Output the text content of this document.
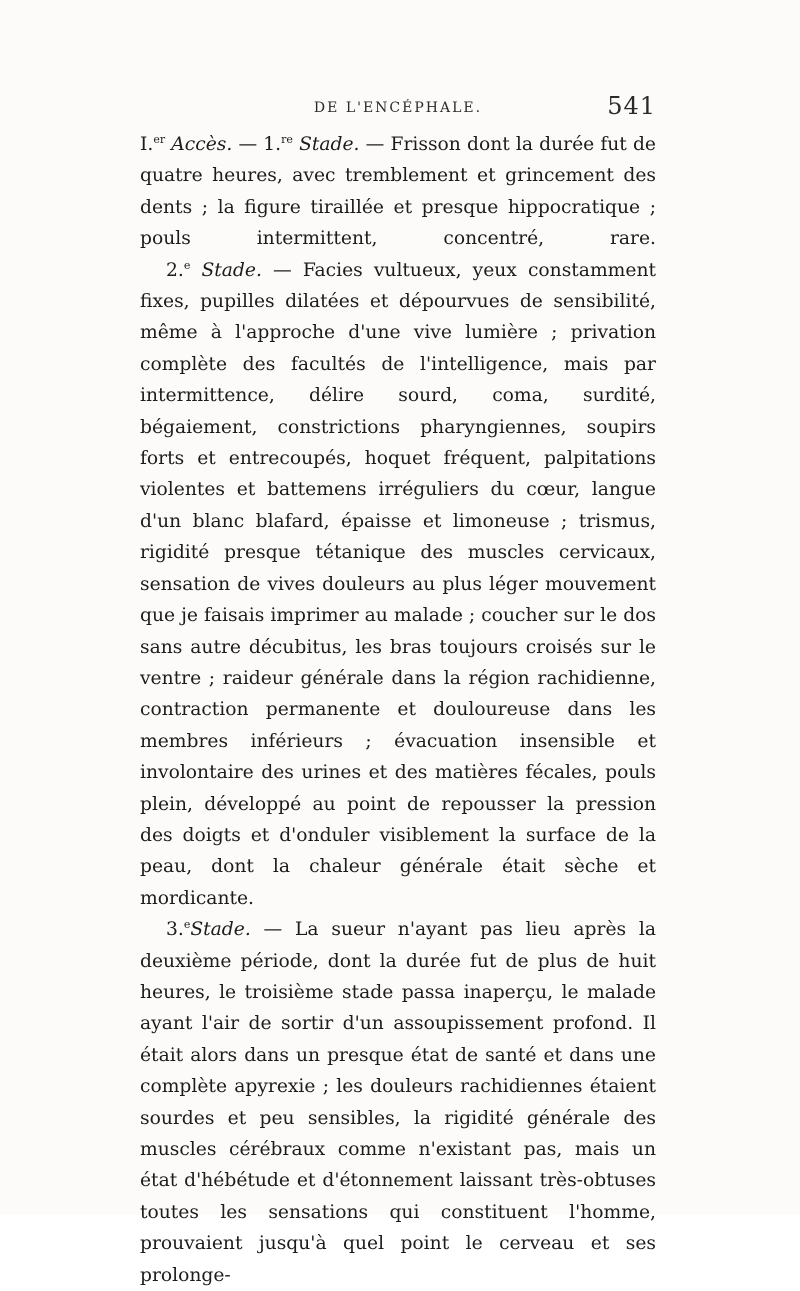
DE L'ENCÉPHALE.	541

I.$^{er}$ Accès. — 1.$^{re}$ Stade. — Frisson dont la durée fut de quatre heures, avec tremblement et grincement des dents ; la figure tiraillée et presque hippocratique ; pouls intermittent, concentré, rare.

2.$^e$ Stade. — Facies vultueux, yeux constamment fixes, pupilles dilatées et dépourvues de sensibilité, même à l'approche d'une vive lumière ; privation complète des facultés de l'intelligence, mais par intermittence, délire sourd, coma, surdité, bégaiement, constrictions pharyngiennes, soupirs forts et entrecoupés, hoquet fréquent, palpitations violentes et battemens irréguliers du cœur, langue d'un blanc blafard, épaisse et limoneuse ; trismus, rigidité presque tétanique des muscles cervicaux, sensation de vives douleurs au plus léger mouvement que je faisais imprimer au malade ; coucher sur le dos sans autre décubitus, les bras toujours croisés sur le ventre ; raideur générale dans la région rachidienne, contraction permanente et douloureuse dans les membres inférieurs ; évacuation insensible et involontaire des urines et des matières fécales, pouls plein, développé au point de repousser la pression des doigts et d'onduler visiblement la surface de la peau, dont la chaleur générale était sèche et mordicante.

3.$^e$Stade. — La sueur n'ayant pas lieu après la deuxième période, dont la durée fut de plus de huit heures, le troisième stade passa inaperçu, le malade ayant l'air de sortir d'un assoupissement profond. Il était alors dans un presque état de santé et dans une complète apyrexie ; les douleurs rachidiennes étaient sourdes et peu sensibles, la rigidité générale des muscles cérébraux comme n'existant pas, mais un état d'hébétude et d'étonnement laissant très-obtuses toutes les sensations qui constituent l'homme, prouvaient jusqu'à quel point le cerveau et ses prolonge-
